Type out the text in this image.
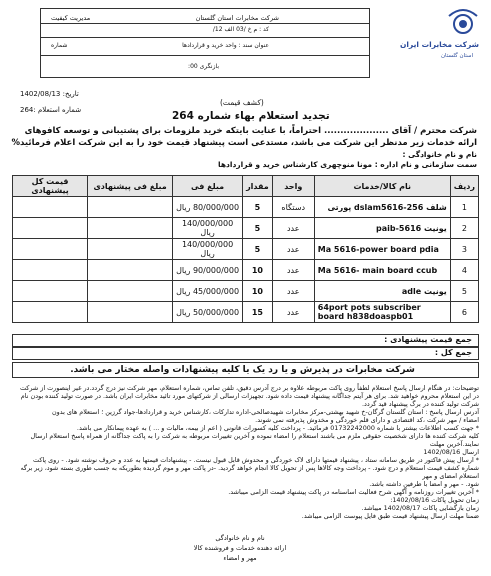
شرکت مخابرات استان گلستان
مدیریت کیفیت
کد : م خ /03 الف 12/
عنوان سند : واحد خرید و قراردادها
شماره
بازنگری 00:
شرکت مخابرات ایران
استان گلستان
تاریخ: 1402/08/13
شماره استعلام :264
(کشف قیمت)
تجدید استعلام بهاء شماره 264
شرکت محترم / آقای .................... احتراماً، با عنایت بایتکه خرید ملزومات برای پشتیبانی و توسعه کافوهای
ارائه خدمات زیر مدنظر این شرکت می باشد، مستدعی است پیشنهاد قیمت خود را به این شرکت اعلام فرمائید%
نام و نام خانوادگی :
سمت سازمانی و نام اداره : مونا منوچهری کارشناس خرید و قراردادها
ردیف	نام کالا/خدمات	واحد	مقدار	مبلغ فی	مبلغ فی پیشنهادی	قیمت کل پیشنهادی
1	شلف dslam5616-256 پورتی	دستگاه	5	80/000/000 ریال		
2	یونیت paib-5616	عدد	5	140/000/000 ریال		
3	Ma 5616-power board pdia	عدد	5	140/000/000 ریال		
4	Ma 5616- main board ccub	عدد	10	90/000/000 ریال		
5	یونیت adle	عدد	10	45/000/000 ریال		
6	64port pots subscriber board h838doaspb01	عدد	15	50/000/000 ریال		
جمع قیمت پیشنهادی :
جمع کل :
شرکت مخابرات در پذیرش و یا رد یک یا کلیه پیشنهادات واصله مختار می باشد.
توضیحات: در هنگام ارسال پاسخ استعلام لطفاً روی پاکت مربوطه علاوه بر درج آدرس دقیق، تلفن تماس، شماره استعلام، مهر شرکت نیز درج گردد.در غیر اینصورت از شرکت
در این استعلام محروم خواهید شد. برای هر آیتم جداگانه پیشنهاد قیمت داده شود. تجهیزات ارسالی از شرکتهای مورد تائید مخابرات ایران باشد. در صورت تولید کننده بودن نام
شرکت تولید کننده در برگ پیشنهاد قید گردد.
آدرس ارسال پاسخ : استان گلستان گرگان-خ شهید بهشتی-مرکز مخابرات شهیدصالحی-اداره تدارکات ،کارشناس خرید و قراردادها-جواد گرزین ؛ استعلام های بدون
امضاء / مهر شرکت ،کد اقتصادی و دارای قلم خوردگی و مخدوش پذیرفته نمی شوند.
* جهت کسب اطلاعات بیشتر با شماره 01732242000 فرمائید. - پرداخت کلیه کسورات قانونی ( اعم از بیمه، مالیات و ... ) به عهده پیمانکار می باشد.
کلیه شرکت کننده ها دارای شخصیت حقوقی ملزم می باشند استعلام را امضاء نموده و آخرین تغییرات مربوطه به شرکت را به پاکت جداگانه از همراه پاسخ استعلام ارسال نمایند.آخرین مهلت
ارسال 1402/08/16
* ارسال پیش فاکتور در طریق سامانه ستاد ، پیشنهاد قیمتها دارای لاک خوردگی و محدوش قابل قبول نیست. - پیشنهادات قیمتها به عدد و حروف نوشته شود. - روی پاکت
شماره کشف قیمت استعلام و درج شود. - پرداخت وجه کالاها پس از تحویل کالا انجام خواهد گردید. -در پاکت مهر و موم گردیده بطوریکه به جسب طوری بسته شود، زیر برگه استعلام امضای و مهر
شود. - مهر و امضا با طرفین داشته باشد.
* آخرین تغییرات روزنامه و آگهی شرح فعالیت اساسنامه در پاکت پیشنهاد قیمت الزامی میباشد.
زمان تحویل پاکات 1402/08/16:
زمان بازگشایی پاکات 1402/08/17 میباشد.
ضمنا مهلت ارسال پیشنهاد قیمت طبق فایل پیوست الزامی میباشد.
نام و نام خانوادگی
ارائه دهنده خدمات و فروشنده کالا
مهر و امضاء
